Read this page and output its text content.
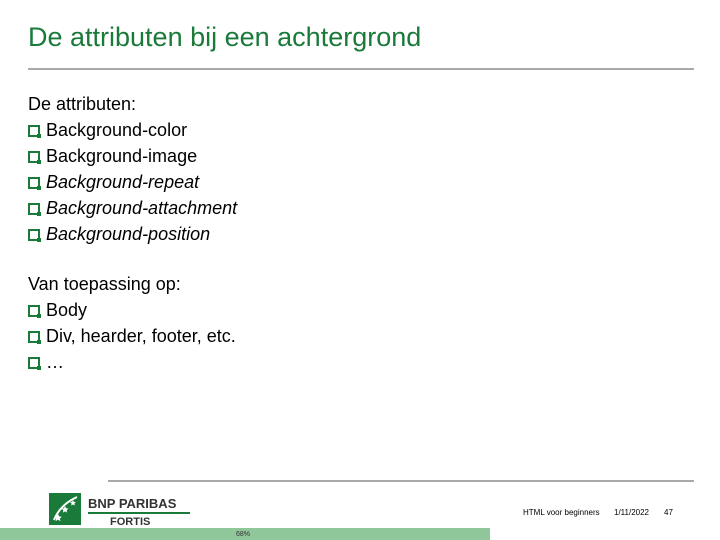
De attributen bij een achtergrond
De attributen:
Background-color
Background-image
Background-repeat
Background-attachment
Background-position
Van toepassing op:
Body
Div, hearder, footer, etc.
…
BNP PARIBAS
FORTIS
HTML voor beginners 1/11/2022 47
68%
